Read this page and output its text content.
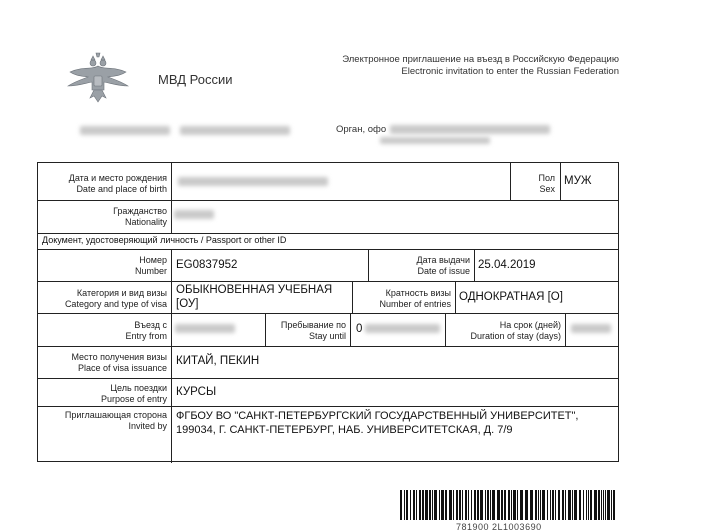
МВД России
Электронное приглашение на въезд в Российскую Федерацию
Electronic invitation to enter the Russian Federation
Орган, офо
Дата и место рождения
Date and place of birth
Пол
Sex
МУЖ
Гражданство
Nationality
Документ, удостоверяющий личность / Passport or other ID
Номер
Number EG0837952	Дата выдачи
Date of issue 25.04.2019
Категория и вид визы
Category and type of visa
ОБЫКНОВЕННАЯ УЧЕБНАЯ
[ОУ]
Кратность визы
Number of entries
ОДНОКРАТНАЯ [О]
Въезд с
Entry from
Пребывание по
Stay until
0	На срок (дней)
Duration of stay (days)
Место получения визы
Place of visa issuance
КИТАЙ, ПЕКИН
Цель поездки
Purpose of entry
КУРСЫ
Приглашающая сторона
Invited by
ФГБОУ ВО "САНКТ-ПЕТЕРБУРГСКИЙ ГОСУДАРСТВЕННЫЙ УНИВЕРСИТЕТ", 199034, Г. САНКТ-ПЕТЕРБУРГ, НАБ. УНИВЕРСИТЕТСКАЯ, Д. 7/9
781900 2L1003690
